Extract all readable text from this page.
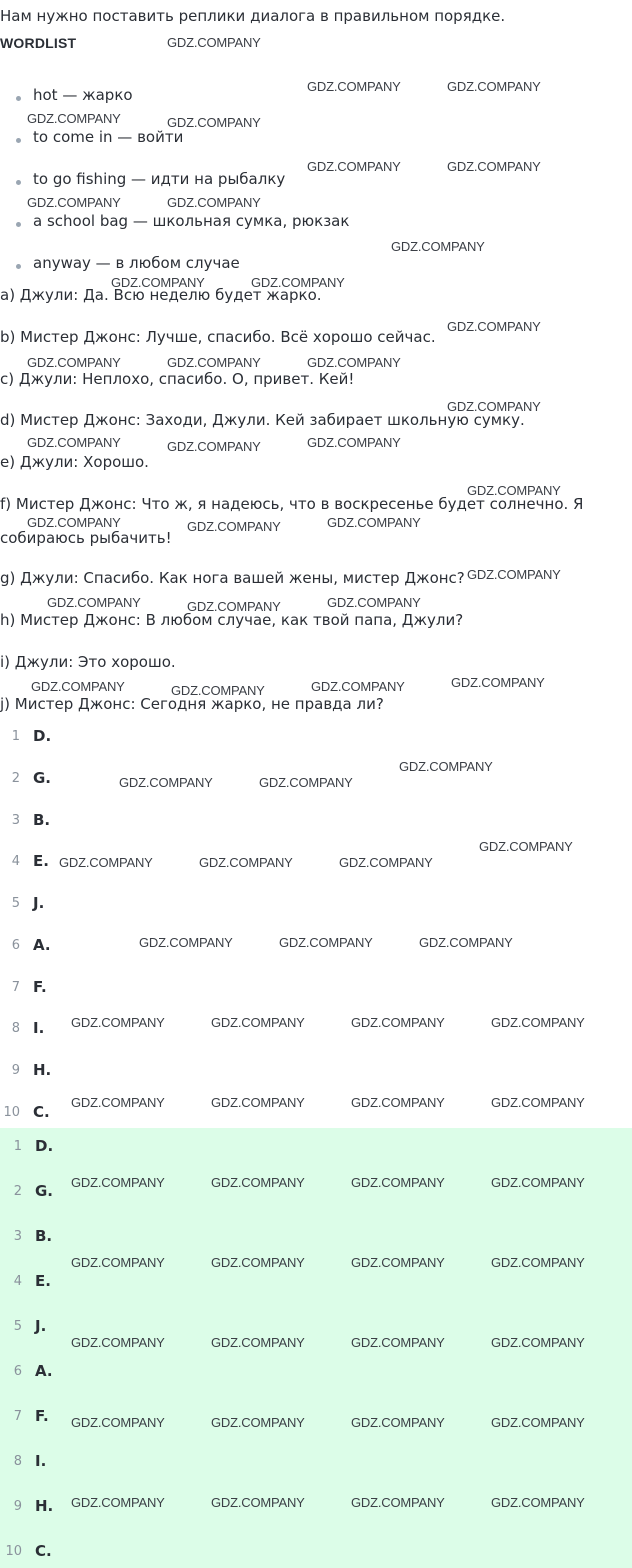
Нам нужно поставить реплики диалога в правильном порядке.
WORDLIST
hot — жарко
to come in — войти
to go fishing — идти на рыбалку
a school bag — школьная сумка, рюкзак
anyway — в любом случае
a) Джули: Да. Всю неделю будет жарко.
b) Мистер Джонс: Лучше, спасибо. Всё хорошо сейчас.
c) Джули: Неплохо, спасибо. О, привет. Кей!
d) Мистер Джонс: Заходи, Джули. Кей забирает школьную сумку.
e) Джули: Хорошо.
f) Мистер Джонс: Что ж, я надеюсь, что в воскресенье будет солнечно. Я
собираюсь рыбачить!
g) Джули: Спасибо. Как нога вашей жены, мистер Джонс?
h) Мистер Джонс: В любом случае, как твой папа, Джули?
i) Джули: Это хорошо.
j) Мистер Джонс: Сегодня жарко, не правда ли?
1 D.
2 G.
3 B.
4 E.
5 J.
6 A.
7 F.
8 I.
9 H.
10 C.
1 D.
2 G.
3 B.
4 E.
5 J.
6 A.
7 F.
8 I.
9 H.
10 C.
GDZ.COMPANY
GDZ.COMPANY	GDZ.COMPANY
GDZ.COMPANY	GDZ.COMPANY
GDZ.COMPANY	GDZ.COMPANY
GDZ.COMPANY	GDZ.COMPANY
GDZ.COMPANY
GDZ.COMPANY	GDZ.COMPANY
GDZ.COMPANY
GDZ.COMPANY	GDZ.COMPANY	GDZ.COMPANY
GDZ.COMPANY
GDZ.COMPANY	GDZ.COMPANY	GDZ.COMPANY
GDZ.COMPANY
GDZ.COMPANY	GDZ.COMPANY	GDZ.COMPANY
GDZ.COMPANY
GDZ.COMPANY	GDZ.COMPANY	GDZ.COMPANY
GDZ.COMPANY	GDZ.COMPANY	GDZ.COMPANY	GDZ.COMPANY
GDZ.COMPANY
GDZ.COMPANY	GDZ.COMPANY
GDZ.COMPANY
GDZ.COMPANY	GDZ.COMPANY	GDZ.COMPANY
GDZ.COMPANY	GDZ.COMPANY	GDZ.COMPANY
GDZ.COMPANY	GDZ.COMPANY	GDZ.COMPANY	GDZ.COMPANY
GDZ.COMPANY	GDZ.COMPANY	GDZ.COMPANY	GDZ.COMPANY
GDZ.COMPANY	GDZ.COMPANY	GDZ.COMPANY	GDZ.COMPANY
GDZ.COMPANY	GDZ.COMPANY	GDZ.COMPANY	GDZ.COMPANY
GDZ.COMPANY	GDZ.COMPANY	GDZ.COMPANY	GDZ.COMPANY
GDZ.COMPANY	GDZ.COMPANY	GDZ.COMPANY	GDZ.COMPANY
GDZ.COMPANY	GDZ.COMPANY	GDZ.COMPANY	GDZ.COMPANY
